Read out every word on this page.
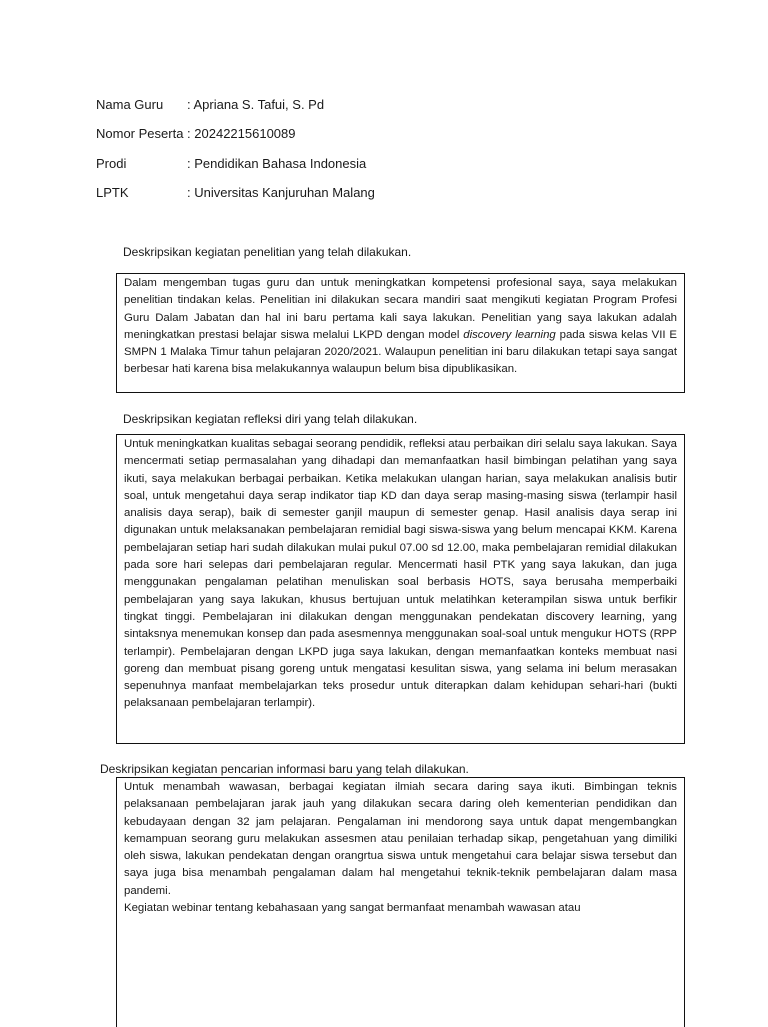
Nama Guru : Apriana S. Tafui, S. Pd
Nomor Peserta : 20242215610089
Prodi	: Pendidikan Bahasa Indonesia
LPTK	: Universitas Kanjuruhan Malang
Deskripsikan kegiatan penelitian yang telah dilakukan.

Dalam mengemban tugas guru dan untuk meningkatkan kompetensi profesional saya, saya melakukan penelitian tindakan kelas. Penelitian ini dilakukan secara mandiri saat mengikuti kegiatan Program Profesi Guru Dalam Jabatan dan hal ini baru pertama kali saya lakukan. Penelitian yang saya lakukan adalah meningkatkan prestasi belajar siswa melalui LKPD dengan model discovery learning pada siswa kelas VII E SMPN 1 Malaka Timur tahun pelajaran 2020/2021. Walaupun penelitian ini baru dilakukan tetapi saya sangat berbesar hati karena bisa melakukannya walaupun belum bisa dipublikasikan.

Deskripsikan kegiatan refleksi diri yang telah dilakukan.

Untuk meningkatkan kualitas sebagai seorang pendidik, refleksi atau perbaikan diri selalu saya lakukan. Saya mencermati setiap permasalahan yang dihadapi dan memanfaatkan hasil bimbingan pelatihan yang saya ikuti, saya melakukan berbagai perbaikan. Ketika melakukan ulangan harian, saya melakukan analisis butir soal, untuk mengetahui daya serap indikator tiap KD dan daya serap masing-masing siswa (terlampir hasil analisis daya serap), baik di semester ganjil maupun di semester genap. Hasil analisis daya serap ini digunakan untuk melaksanakan pembelajaran remidial bagi siswa-siswa yang belum mencapai KKM. Karena pembelajaran setiap hari sudah dilakukan mulai pukul 07.00 sd 12.00, maka pembelajaran remidial dilakukan pada sore hari selepas dari pembelajaran regular. Mencermati hasil PTK yang saya lakukan, dan juga menggunakan pengalaman pelatihan menuliskan soal berbasis HOTS, saya berusaha memperbaiki pembelajaran yang saya lakukan, khusus bertujuan untuk melatihkan keterampilan siswa untuk berfikir tingkat tinggi. Pembelajaran ini dilakukan dengan menggunakan pendekatan discovery learning, yang sintaksnya menemukan konsep dan pada asesmennya menggunakan soal-soal untuk mengukur HOTS (RPP terlampir). Pembelajaran dengan LKPD juga saya lakukan, dengan memanfaatkan konteks membuat nasi goreng dan membuat pisang goreng untuk mengatasi kesulitan siswa, yang selama ini belum merasakan sepenuhnya manfaat membelajarkan teks prosedur untuk diterapkan dalam kehidupan sehari-hari (bukti pelaksanaan pembelajaran terlampir).

Deskripsikan kegiatan pencarian informasi baru yang telah dilakukan.

Untuk menambah wawasan, berbagai kegiatan ilmiah secara daring saya ikuti. Bimbingan teknis pelaksanaan pembelajaran jarak jauh yang dilakukan secara daring oleh kementerian pendidikan dan kebudayaan dengan 32 jam pelajaran. Pengalaman ini mendorong saya untuk dapat mengembangkan kemampuan seorang guru melakukan assesmen atau penilaian terhadap sikap, pengetahuan yang dimiliki oleh siswa, lakukan pendekatan dengan orangrtua siswa untuk mengetahui cara belajar siswa tersebut dan saya juga bisa menambah pengalaman dalam hal mengetahui teknik-teknik pembelajaran dalam masa pandemi.

Kegiatan webinar tentang kebahasaan yang sangat bermanfaat menambah wawasan atau
